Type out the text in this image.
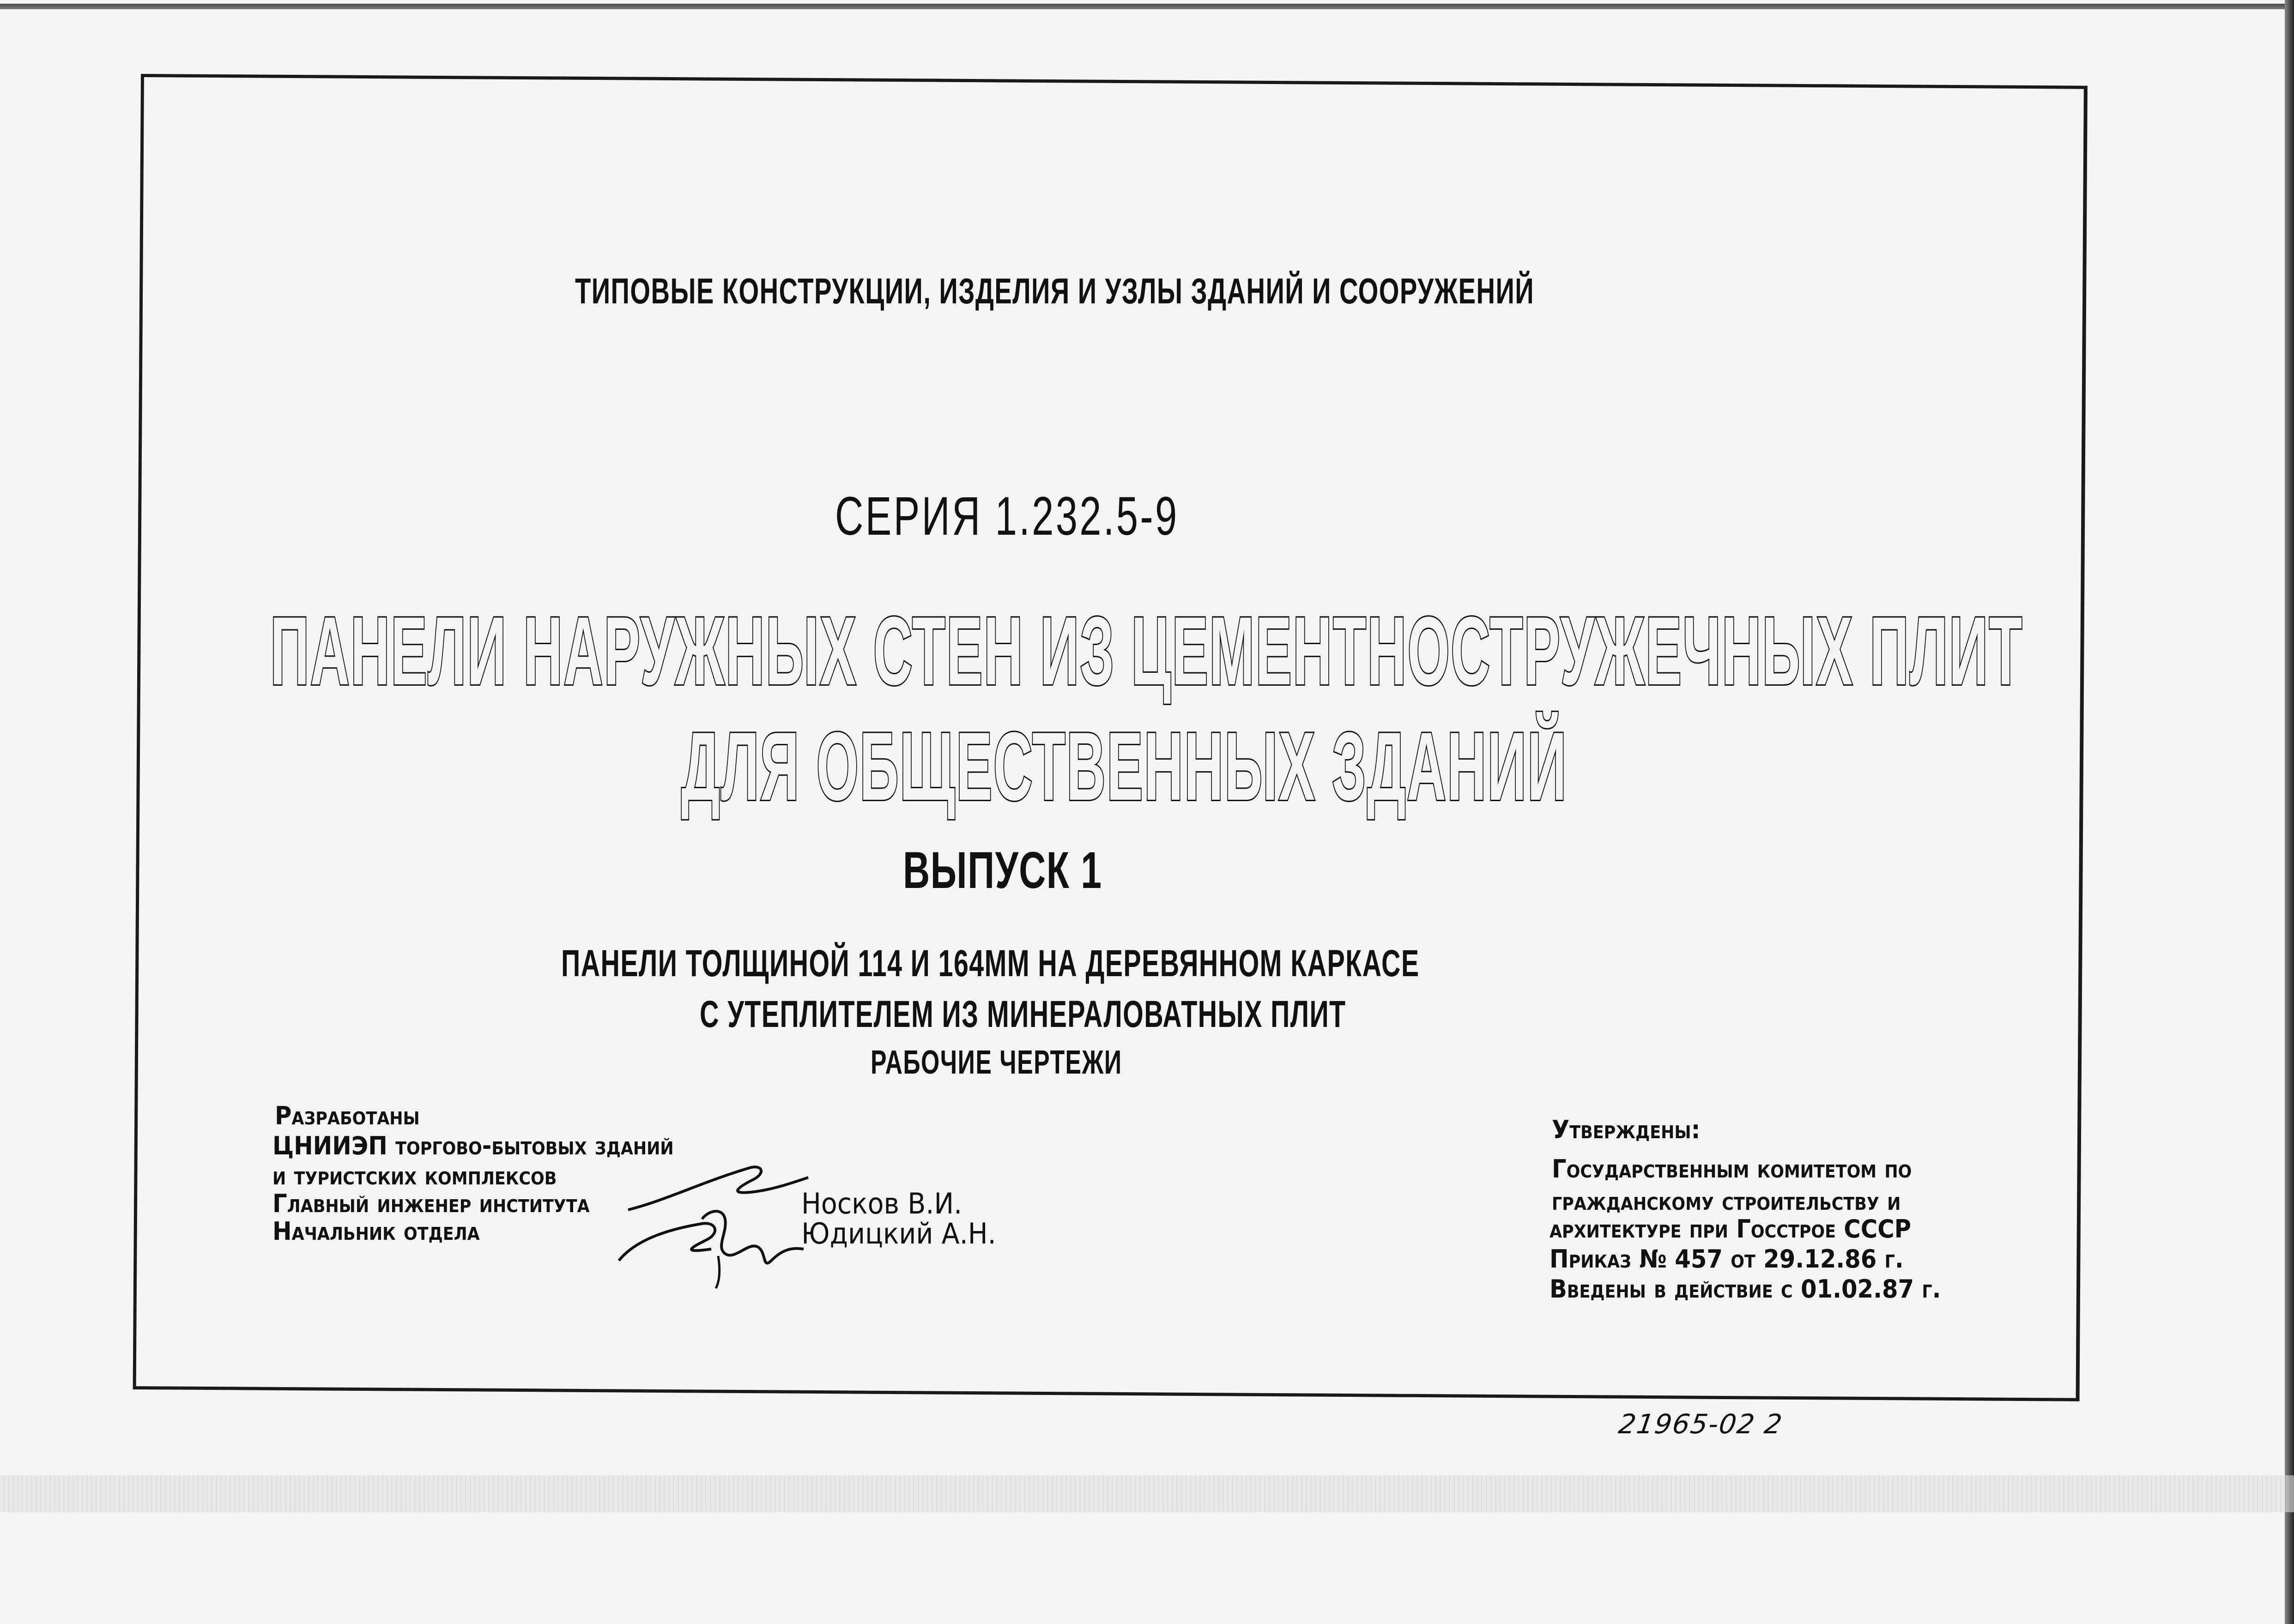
ТИПОВЫЕ КОНСТРУКЦИИ, ИЗДЕЛИЯ И УЗЛЫ ЗДАНИЙ И СООРУЖЕНИЙ
СЕРИЯ 1.232.5-9
ПАНЕЛИ НАРУЖНЫХ СТЕН ИЗ ЦЕМЕНТНОСТРУЖЕЧНЫХ ПЛИТ
ДЛЯ ОБЩЕСТВЕННЫХ ЗДАНИЙ
ВЫПУСК 1
ПАНЕЛИ ТОЛЩИНОЙ 114 И 164ММ НА ДЕРЕВЯННОМ КАРКАСЕ
С УТЕПЛИТЕЛЕМ ИЗ МИНЕРАЛОВАТНЫХ ПЛИТ
РАБОЧИЕ ЧЕРТЕЖИ
Разработаны
ЦНИИЭП торгово-бытовых зданий
и туристских комплексов
Главный инженер института
Начальник отдела
Носков В.И.
Юдицкий А.Н.
Утверждены:
Государственным комитетом по
гражданскому строительству и
архитектуре при Госстрое СССР
Приказ № 457 от 29.12.86 г.
Введены в действие с 01.02.87 г.
21965-02 2
